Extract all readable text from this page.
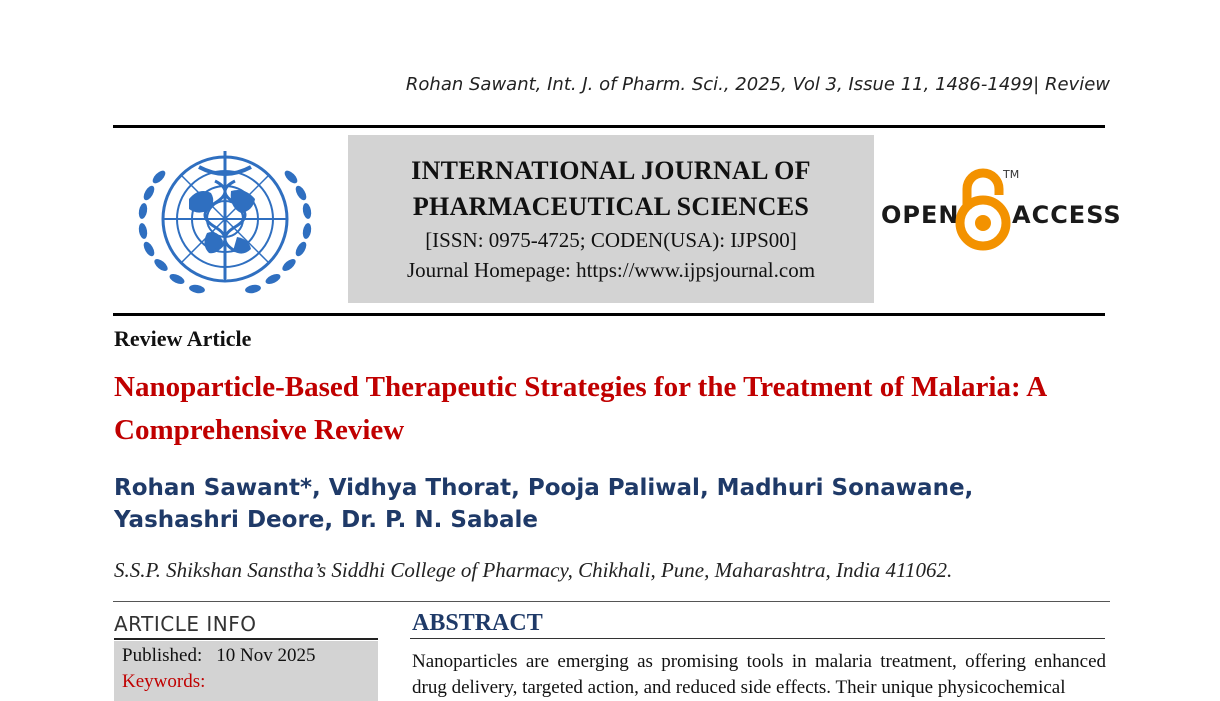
Rohan Sawant, Int. J. of Pharm. Sci., 2025, Vol 3, Issue 11, 1486-1499| Review
INTERNATIONAL JOURNAL OF
PHARMACEUTICAL SCIENCES
[ISSN: 0975-4725; CODEN(USA): IJPS00]
Journal Homepage: https://www.ijpsjournal.com
OPEN
TM
ACCESS
Review Article
Nanoparticle-Based Therapeutic Strategies for the Treatment of Malaria: A Comprehensive Review
Rohan Sawant*, Vidhya Thorat, Pooja Paliwal, Madhuri Sonawane, Yashashri Deore, Dr. P. N. Sabale
S.S.P. Shikshan Sanstha’s Siddhi College of Pharmacy, Chikhali, Pune, Maharashtra, India 411062.
ARTICLE INFO
Published: 10 Nov 2025
Keywords:
ABSTRACT
Nanoparticles are emerging as promising tools in malaria treatment, offering enhanced drug delivery, targeted action, and reduced side effects. Their unique physicochemical
